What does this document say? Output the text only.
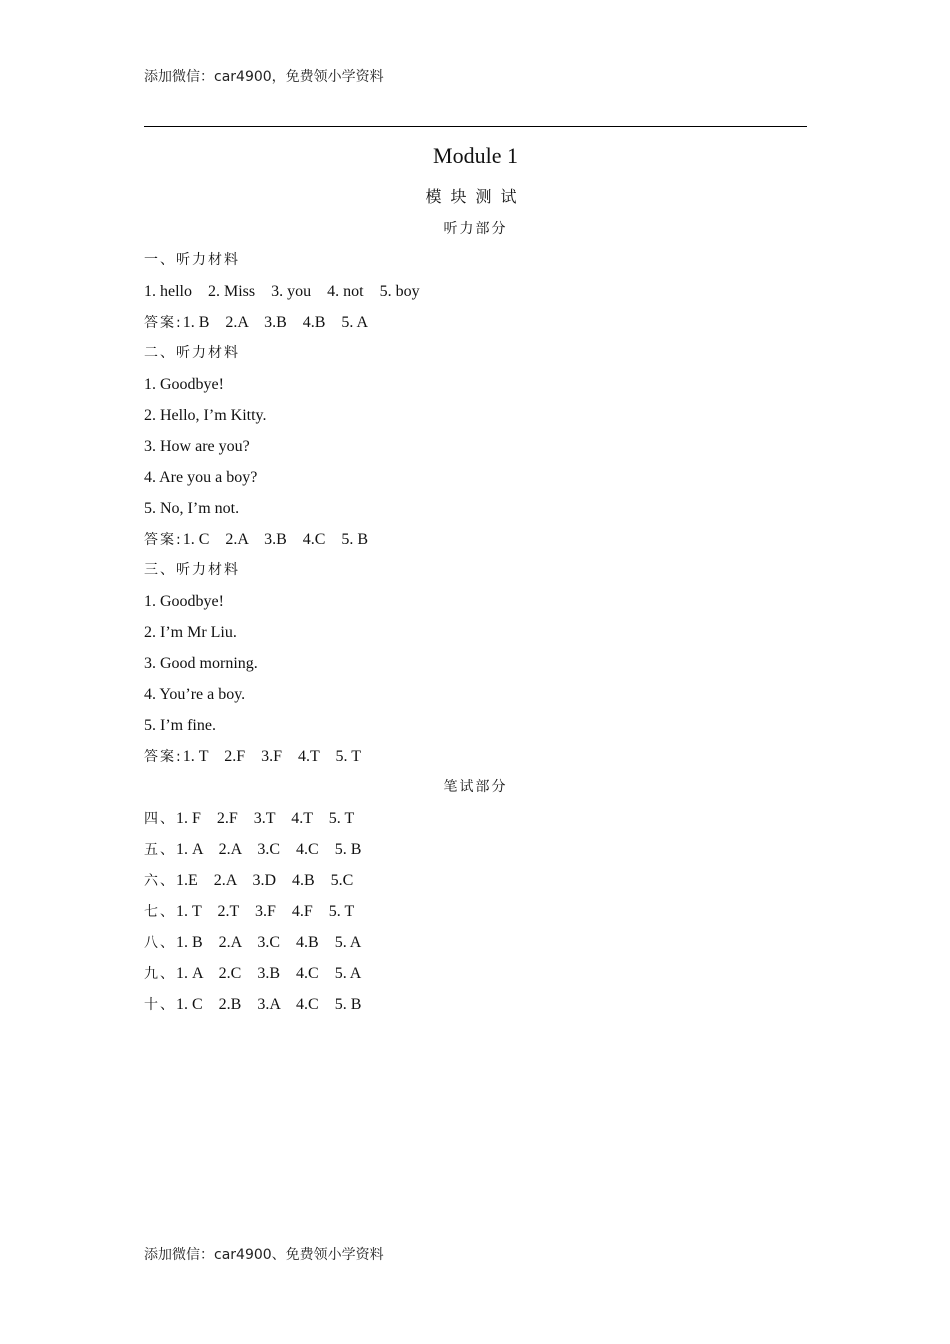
添加微信：car4900，免费领小学资料
Module 1
模块测试
听力部分
一、听力材料
1. hello    2. Miss    3. you    4. not    5. boy
答案:1. B    2.A    3.B    4.B    5. A
二、听力材料
1. Goodbye!
2. Hello, I’m Kitty.
3. How are you?
4. Are you a boy?
5. No, I’m not.
答案:1. C    2.A    3.B    4.C    5. B
三、听力材料
1. Goodbye!
2. I’m Mr Liu.
3. Good morning.
4. You’re a boy.
5. I’m fine.
答案:1. T    2.F    3.F    4.T    5. T
笔试部分
四、1. F    2.F    3.T    4.T    5. T
五、1. A    2.A    3.C    4.C    5. B
六、1.E    2.A    3.D    4.B    5.C
七、1. T    2.T    3.F    4.F    5. T
八、1. B    2.A    3.C    4.B    5. A
九、1. A    2.C    3.B    4.C    5. A
十、1. C    2.B    3.A    4.C    5. B
添加微信：car4900、免费领小学资料
